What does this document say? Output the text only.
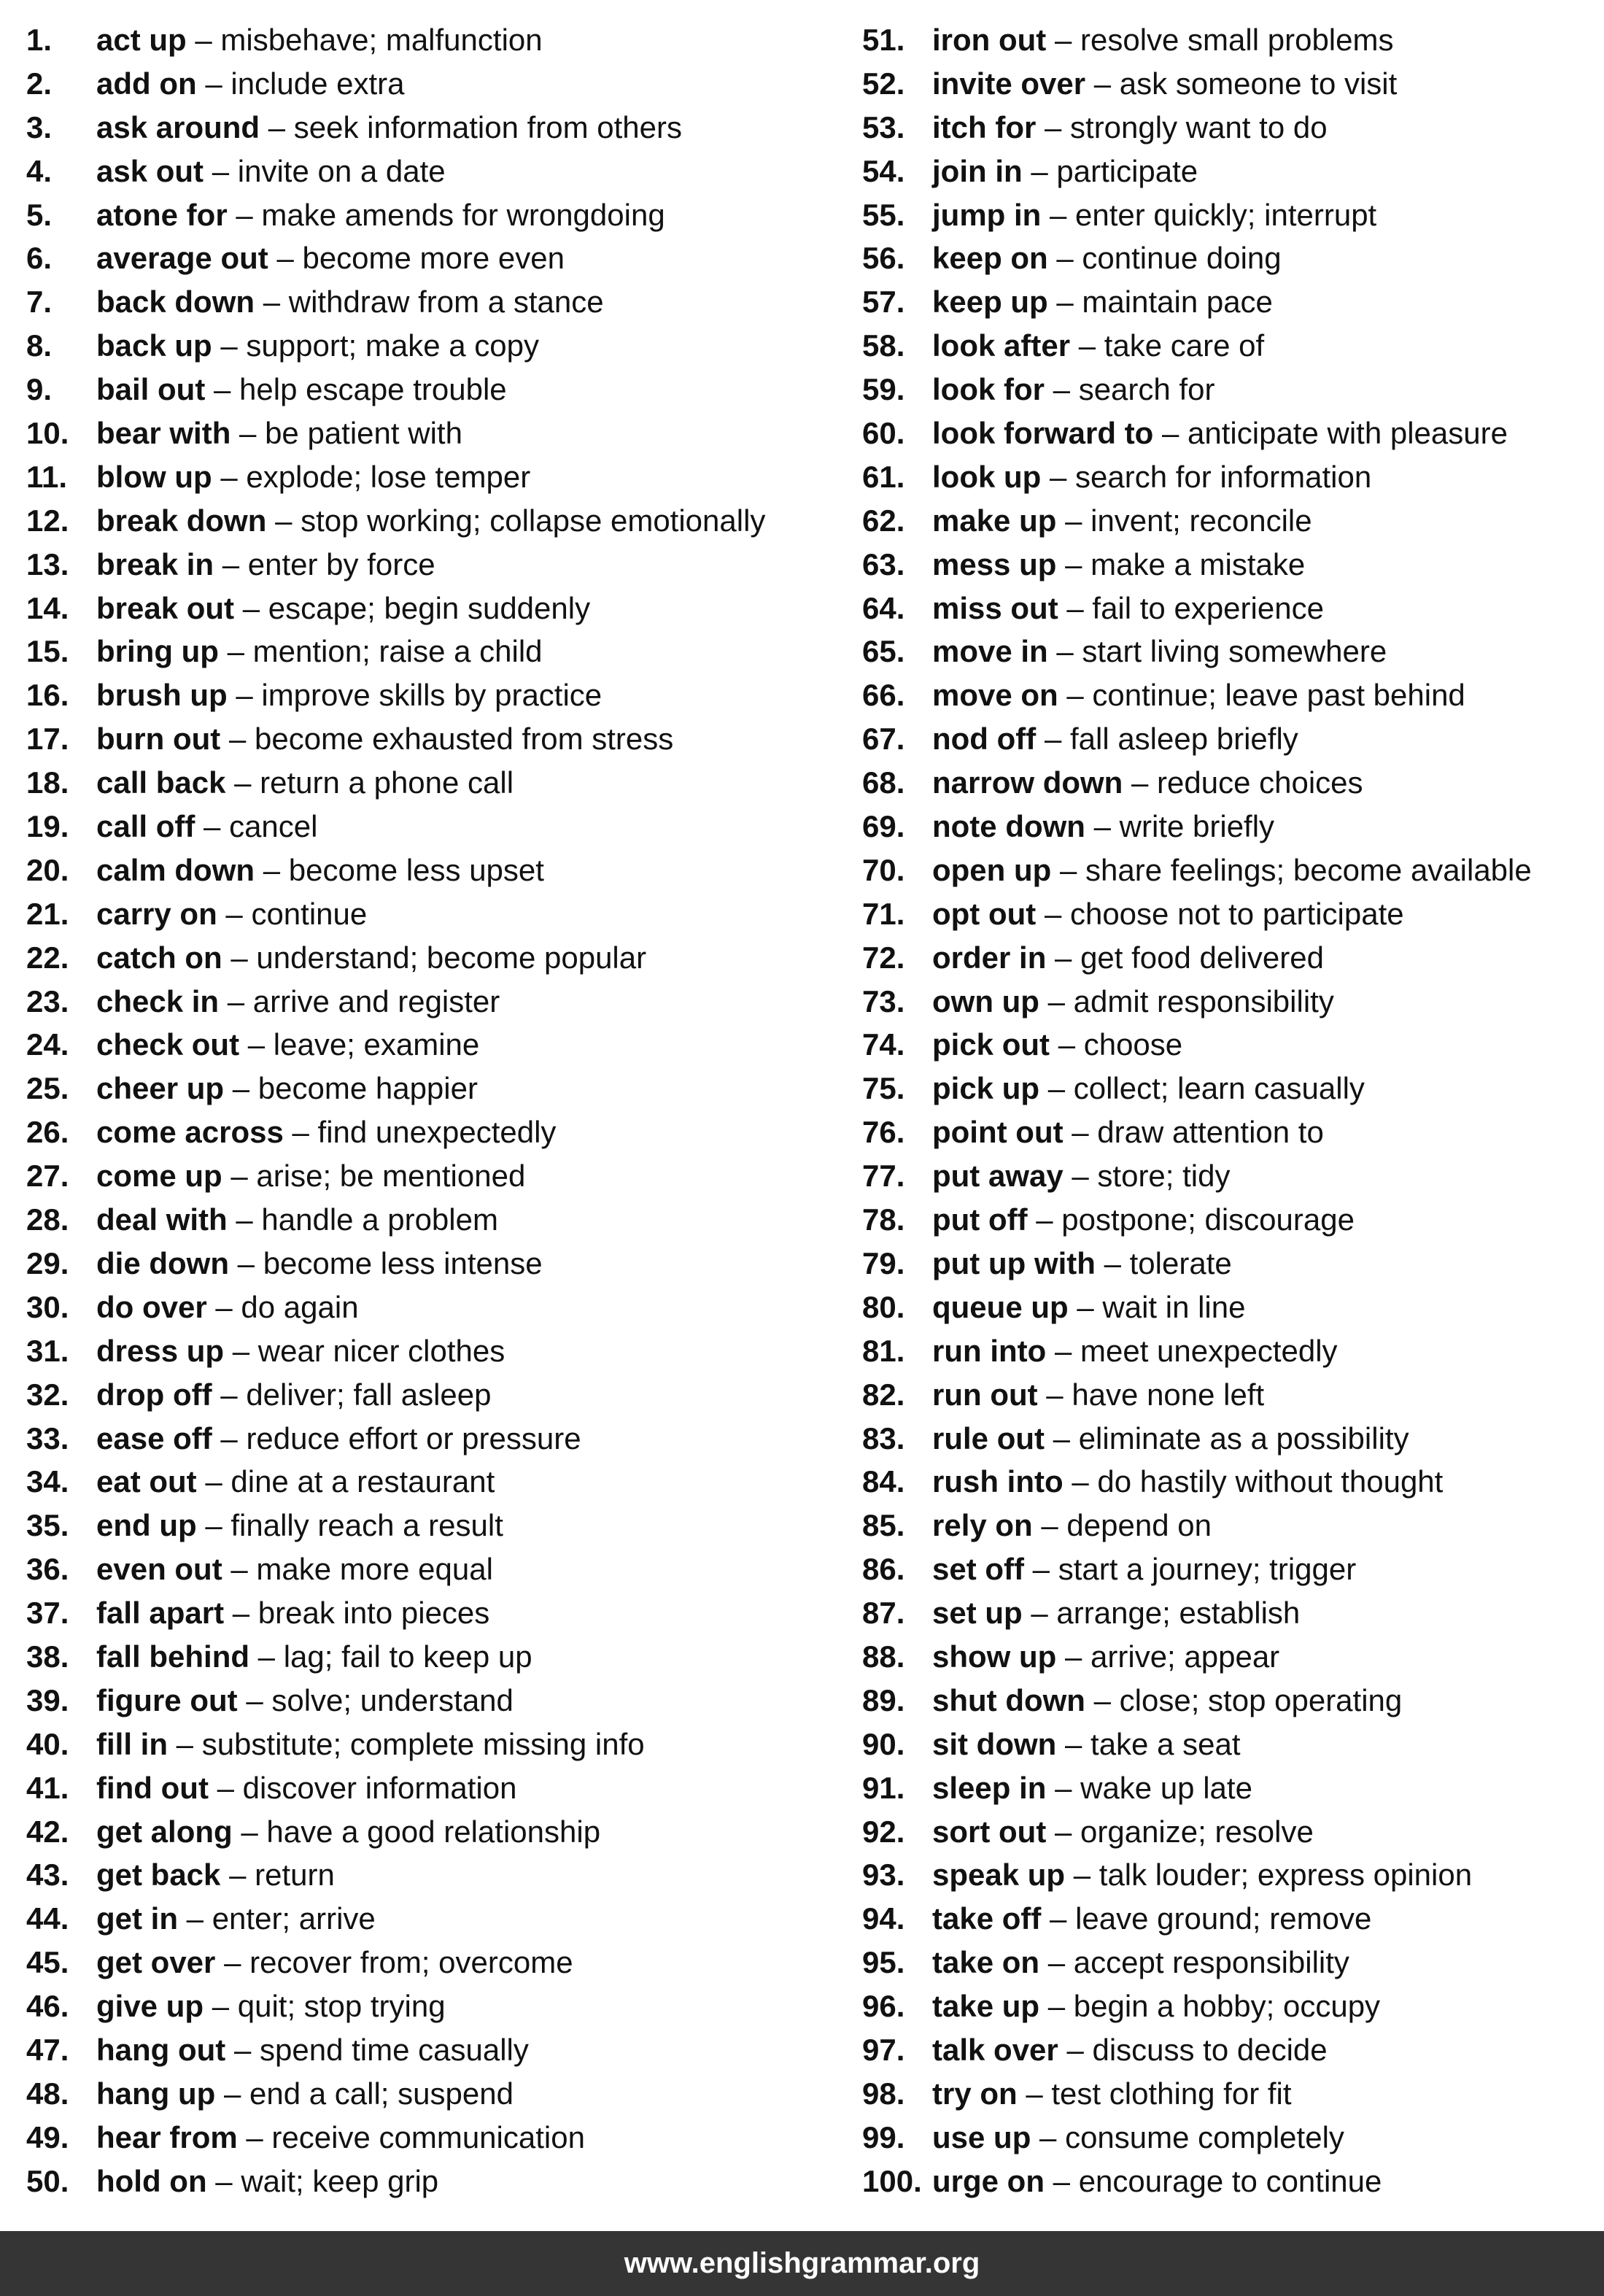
1. act up – misbehave; malfunction
2. add on – include extra
3. ask around – seek information from others
4. ask out – invite on a date
5. atone for – make amends for wrongdoing
6. average out – become more even
7. back down – withdraw from a stance
8. back up – support; make a copy
9. bail out – help escape trouble
10. bear with – be patient with
11. blow up – explode; lose temper
12. break down – stop working; collapse emotionally
13. break in – enter by force
14. break out – escape; begin suddenly
15. bring up – mention; raise a child
16. brush up – improve skills by practice
17. burn out – become exhausted from stress
18. call back – return a phone call
19. call off – cancel
20. calm down – become less upset
21. carry on – continue
22. catch on – understand; become popular
23. check in – arrive and register
24. check out – leave; examine
25. cheer up – become happier
26. come across – find unexpectedly
27. come up – arise; be mentioned
28. deal with – handle a problem
29. die down – become less intense
30. do over – do again
31. dress up – wear nicer clothes
32. drop off – deliver; fall asleep
33. ease off – reduce effort or pressure
34. eat out – dine at a restaurant
35. end up – finally reach a result
36. even out – make more equal
37. fall apart – break into pieces
38. fall behind – lag; fail to keep up
39. figure out – solve; understand
40. fill in – substitute; complete missing info
41. find out – discover information
42. get along – have a good relationship
43. get back – return
44. get in – enter; arrive
45. get over – recover from; overcome
46. give up – quit; stop trying
47. hang out – spend time casually
48. hang up – end a call; suspend
49. hear from – receive communication
50. hold on – wait; keep grip
51. iron out – resolve small problems
52. invite over – ask someone to visit
53. itch for – strongly want to do
54. join in – participate
55. jump in – enter quickly; interrupt
56. keep on – continue doing
57. keep up – maintain pace
58. look after – take care of
59. look for – search for
60. look forward to – anticipate with pleasure
61. look up – search for information
62. make up – invent; reconcile
63. mess up – make a mistake
64. miss out – fail to experience
65. move in – start living somewhere
66. move on – continue; leave past behind
67. nod off – fall asleep briefly
68. narrow down – reduce choices
69. note down – write briefly
70. open up – share feelings; become available
71. opt out – choose not to participate
72. order in – get food delivered
73. own up – admit responsibility
74. pick out – choose
75. pick up – collect; learn casually
76. point out – draw attention to
77. put away – store; tidy
78. put off – postpone; discourage
79. put up with – tolerate
80. queue up – wait in line
81. run into – meet unexpectedly
82. run out – have none left
83. rule out – eliminate as a possibility
84. rush into – do hastily without thought
85. rely on – depend on
86. set off – start a journey; trigger
87. set up – arrange; establish
88. show up – arrive; appear
89. shut down – close; stop operating
90. sit down – take a seat
91. sleep in – wake up late
92. sort out – organize; resolve
93. speak up – talk louder; express opinion
94. take off – leave ground; remove
95. take on – accept responsibility
96. take up – begin a hobby; occupy
97. talk over – discuss to decide
98. try on – test clothing for fit
99. use up – consume completely
100. urge on – encourage to continue
www.englishgrammar.org
